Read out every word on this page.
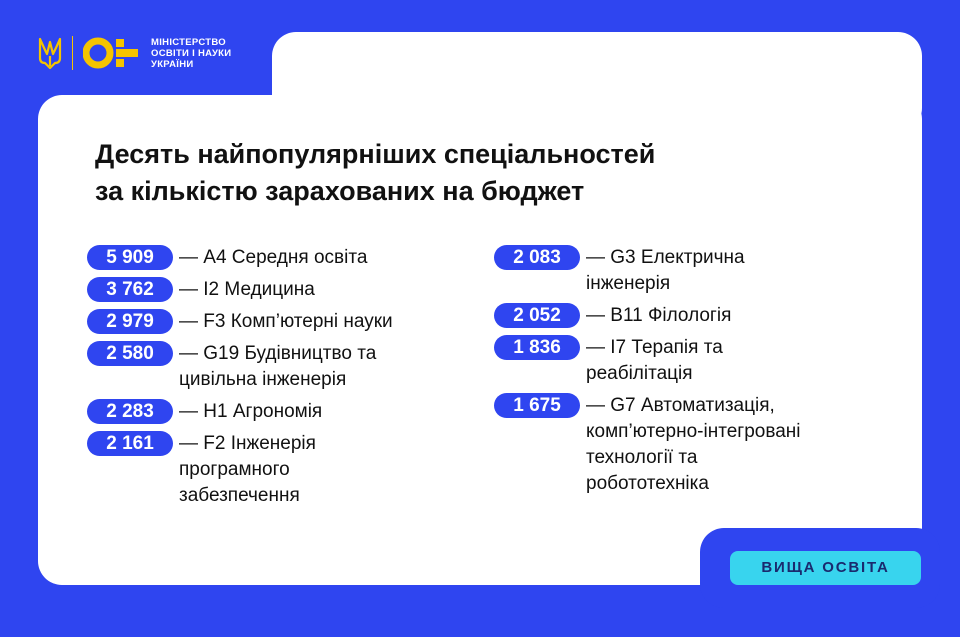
МІНІСТЕРСТВО
ОСВІТИ І НАУКИ
УКРАЇНИ
Десять найпопулярніших спеціальностей
за кількістю зарахованих на бюджет
5 909	— А4 Середня освіта
3 762	— І2 Медицина
2 979	— F3 Комп’ютерні науки
2 580	— G19 Будівництво та
цивільна інженерія
2 283	— Н1 Агрономія
2 161	— F2 Інженерія
програмного
забезпечення
2 083	— G3 Електрична
інженерія
2 052	— В11 Філологія
1 836	— І7 Терапія та
реабілітація
1 675	— G7 Автоматизація,
комп’ютерно-інтегровані
технології та
робототехніка
ВИЩА ОСВІТА
